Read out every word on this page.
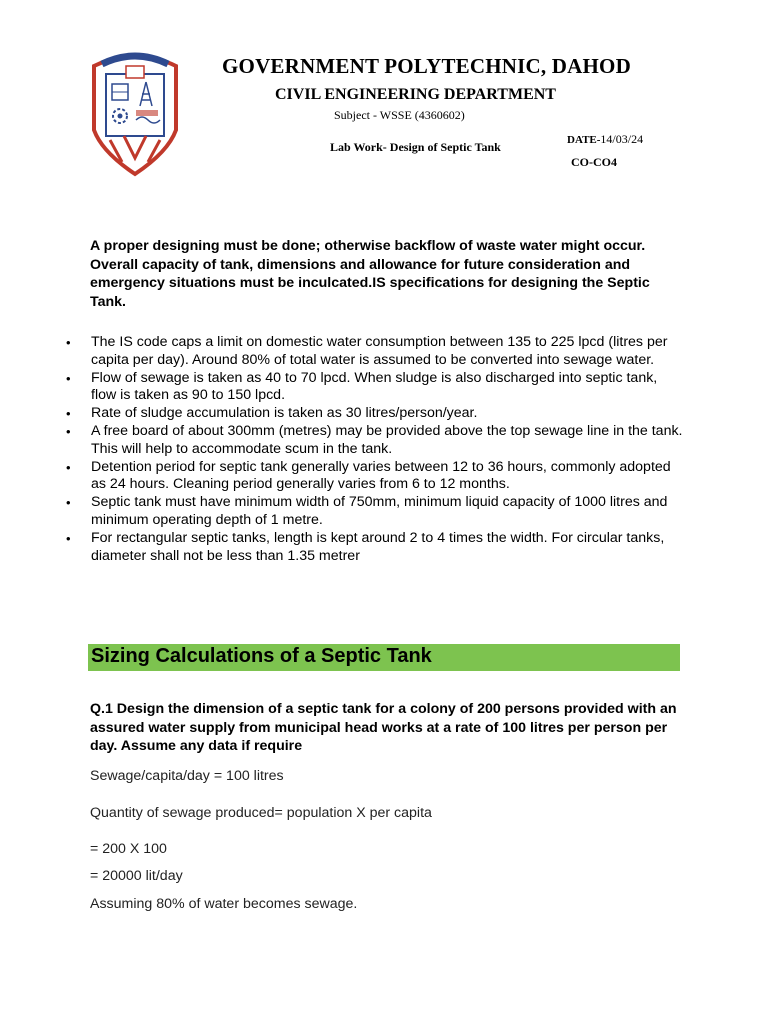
GOVERNMENT POLYTECHNIC, DAHOD
CIVIL ENGINEERING DEPARTMENT
Subject - WSSE (4360602)
Lab Work- Design of Septic Tank	DATE-14/03/24
CO-CO4

A proper designing must be done; otherwise backflow of waste water might occur. Overall capacity of tank, dimensions and allowance for future consideration and emergency situations must be inculcated.IS specifications for designing the Septic Tank.

• The IS code caps a limit on domestic water consumption between 135 to 225 lpcd (litres per capita per day). Around 80% of total water is assumed to be converted into sewage water.
• Flow of sewage is taken as 40 to 70 lpcd. When sludge is also discharged into septic tank, flow is taken as 90 to 150 lpcd.
• Rate of sludge accumulation is taken as 30 litres/person/year.
• A free board of about 300mm (metres) may be provided above the top sewage line in the tank. This will help to accommodate scum in the tank.
• Detention period for septic tank generally varies between 12 to 36 hours, commonly adopted as 24 hours. Cleaning period generally varies from 6 to 12 months.
• Septic tank must have minimum width of 750mm, minimum liquid capacity of 1000 litres and minimum operating depth of 1 metre.
• For rectangular septic tanks, length is kept around 2 to 4 times the width. For circular tanks, diameter shall not be less than 1.35 metrer
Sizing Calculations of a Septic Tank

Q.1 Design the dimension of a septic tank for a colony of 200 persons provided with an assured water supply from municipal head works at a rate of 100 litres per person per day. Assume any data if require

Sewage/capita/day = 100 litres
Quantity of sewage produced= population X per capita
= 200 X 100
= 20000 lit/day
Assuming 80% of water becomes sewage.
